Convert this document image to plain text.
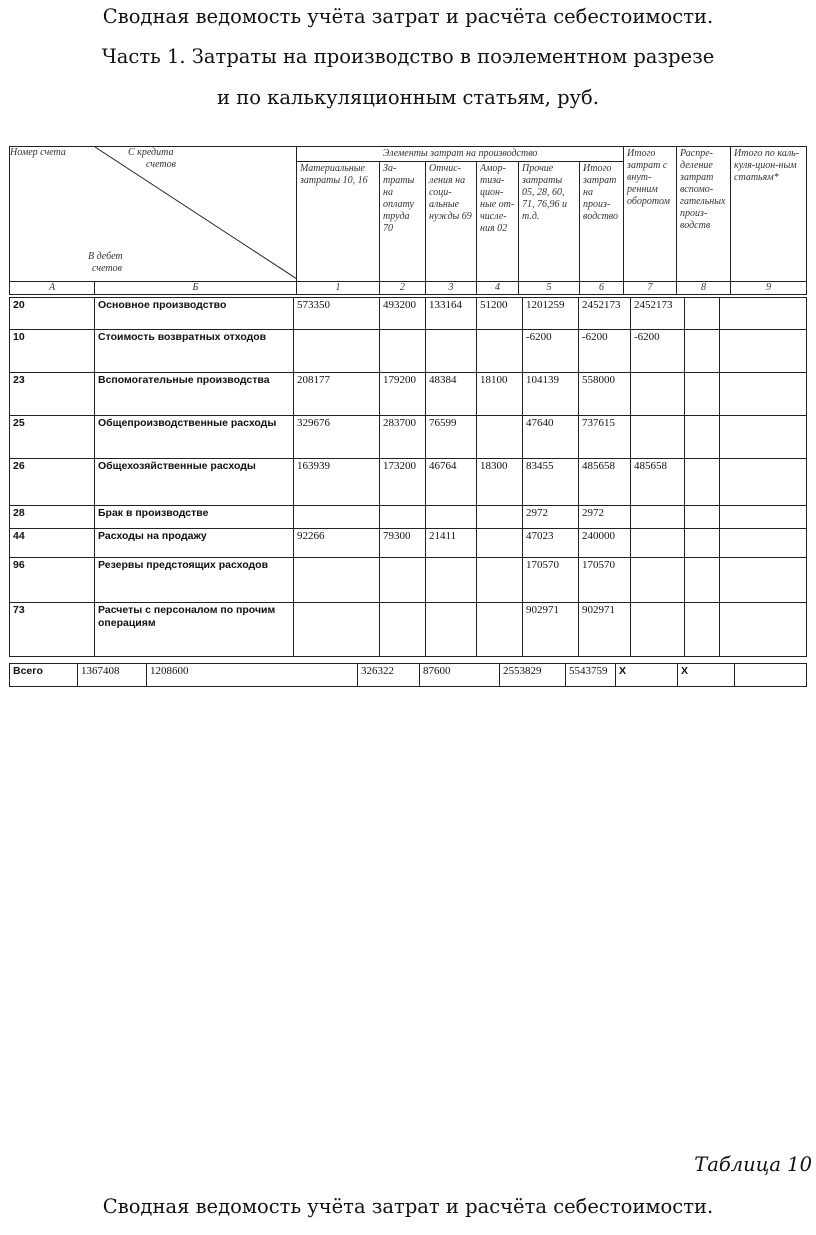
Сводная ведомость учёта затрат и расчёта себестоимости.
Часть 1. Затраты на производство в поэлементном разрезе
и по калькуляционным статьям, руб.
Номер счета С кредита
счетов
В дебет
счетов		Элементы затрат на производство						Итого затрат с внут-ренним оборотом	Распре-деление затрат вспомо-гательных произ-водств	Итого по каль-куля-цион-ным статьям*
		Материальные затраты 10, 16	За-траты на оплату труда 70	Отчис-ления на соци-альные нужды 69	Амор-тиза-цион-ные от-числе-ния 02	Прочие затраты 05, 28, 60, 71, 76,96 и т.д.	Итого затрат на произ-водство			
А	Б	1	2	3	4	5	6	7	8	9
20	Основное производство	573350	493200	133164	51200	1201259	2452173	2452173		
10	Стоимость возвратных отходов					-6200	-6200	-6200		
23	Вспомогательные производства	208177	179200	48384	18100	104139	558000			
25	Общепроизводственные расходы	329676	283700	76599		47640	737615			
26	Общехозяйственные расходы	163939	173200	46764	18300	83455	485658	485658		
28	Брак в производстве					2972	2972			
44	Расходы на продажу	92266	79300	21411		47023	240000			
96	Резервы предстоящих расходов					170570	170570			
73	Расчеты с персоналом по прочим операциям					902971	902971			
Всего	1367408	1208600	326322	87600	2553829	5543759	X	X	
Таблица 10
Сводная ведомость учёта затрат и расчёта себестоимости.
